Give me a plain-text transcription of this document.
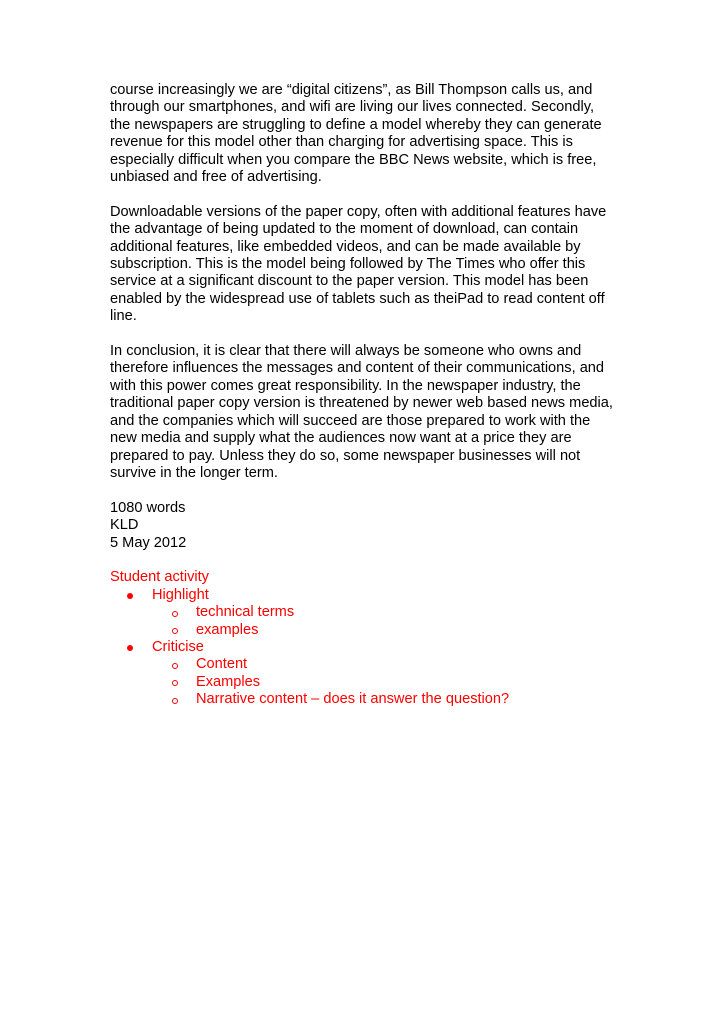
course increasingly we are “digital citizens”, as Bill Thompson calls us, and
through our smartphones, and wifi are living our lives connected. Secondly,
the newspapers are struggling to define a model whereby they can generate
revenue for this model other than charging for advertising space. This is
especially difficult when you compare the BBC News website, which is free,
unbiased and free of advertising.

Downloadable versions of the paper copy, often with additional features have
the advantage of being updated to the moment of download, can contain
additional features, like embedded videos, and can be made available by
subscription. This is the model being followed by The Times who offer this
service at a significant discount to the paper version. This model has been
enabled by the widespread use of tablets such as theiPad to read content off
line.

In conclusion, it is clear that there will always be someone who owns and
therefore influences the messages and content of their communications, and
with this power comes great responsibility. In the newspaper industry, the
traditional paper copy version is threatened by newer web based news media,
and the companies which will succeed are those prepared to work with the
new media and supply what the audiences now want at a price they are
prepared to pay. Unless they do so, some newspaper businesses will not
survive in the longer term.

1080 words
KLD
5 May 2012
Student activity
Highlight
technical terms
examples
Criticise
Content
Examples
Narrative content – does it answer the question?
